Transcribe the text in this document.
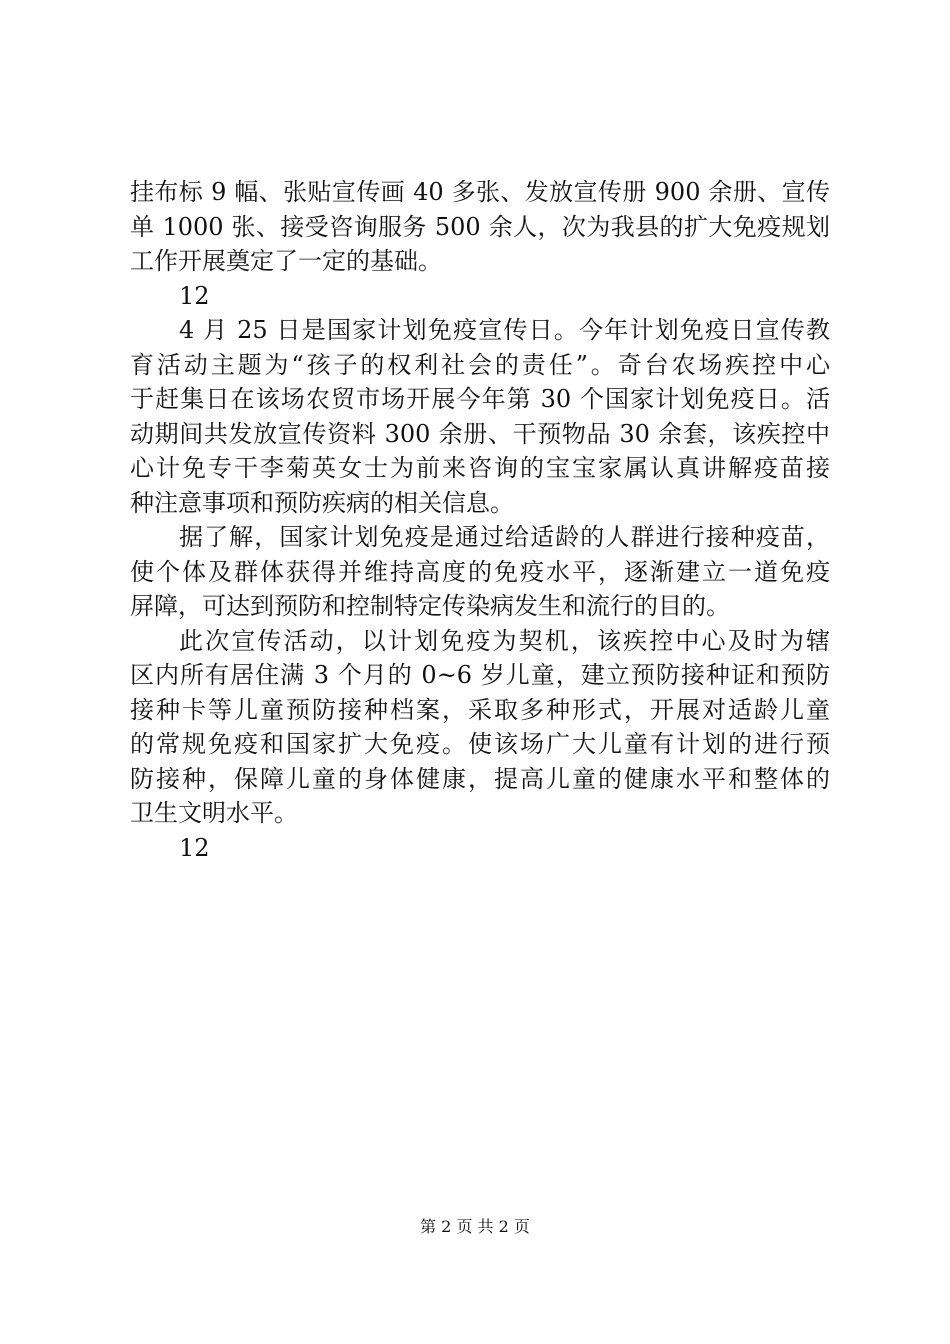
挂布标 9 幅、张贴宣传画 40 多张、发放宣传册 900 余册、宣传
单 1000 张、接受咨询服务 500 余人，次为我县的扩大免疫规划
工作开展奠定了一定的基础。
12
4 月 25 日是国家计划免疫宣传日。今年计划免疫日宣传教
育活动主题为“孩子的权利社会的责任”。奇台农场疾控中心
于赶集日在该场农贸市场开展今年第 30 个国家计划免疫日。活
动期间共发放宣传资料 300 余册、干预物品 30 余套，该疾控中
心计免专干李菊英女士为前来咨询的宝宝家属认真讲解疫苗接
种注意事项和预防疾病的相关信息。
据了解，国家计划免疫是通过给适龄的人群进行接种疫苗，
使个体及群体获得并维持高度的免疫水平，逐渐建立一道免疫
屏障，可达到预防和控制特定传染病发生和流行的目的。
此次宣传活动，以计划免疫为契机，该疾控中心及时为辖
区内所有居住满 3 个月的 0~6 岁儿童，建立预防接种证和预防
接种卡等儿童预防接种档案，采取多种形式，开展对适龄儿童
的常规免疫和国家扩大免疫。使该场广大儿童有计划的进行预
防接种，保障儿童的身体健康，提高儿童的健康水平和整体的
卫生文明水平。
12
第 2 页 共 2 页
